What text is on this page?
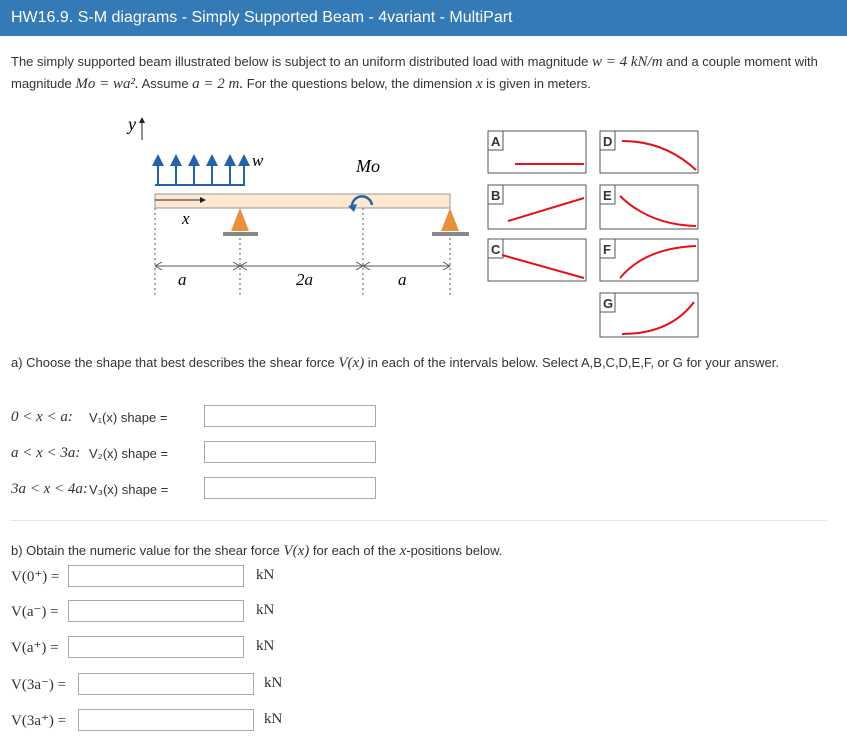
HW16.9. S-M diagrams - Simply Supported Beam - 4variant - MultiPart
The simply supported beam illustrated below is subject to an uniform distributed load with magnitude w = 4 kN/m and a couple moment with magnitude Mo = wa². Assume a = 2 m. For the questions below, the dimension x is given in meters.
y
w	Mo
x
a	2a	a
A
B
C
D
E
F
G
a) Choose the shape that best describes the shear force V(x) in each of the intervals below. Select A,B,C,D,E,F, or G for your answer.
0 < x < a:	V₁(x) shape =
a < x < 3a: V₂(x) shape =
3a < x < 4a: V₃(x) shape =
b) Obtain the numeric value for the shear force V(x) for each of the x-positions below.
V(0⁺) =	kN
V(a⁻) =	kN
V(a⁺) =	kN
V(3a⁻) =	kN
V(3a⁺) =	kN
